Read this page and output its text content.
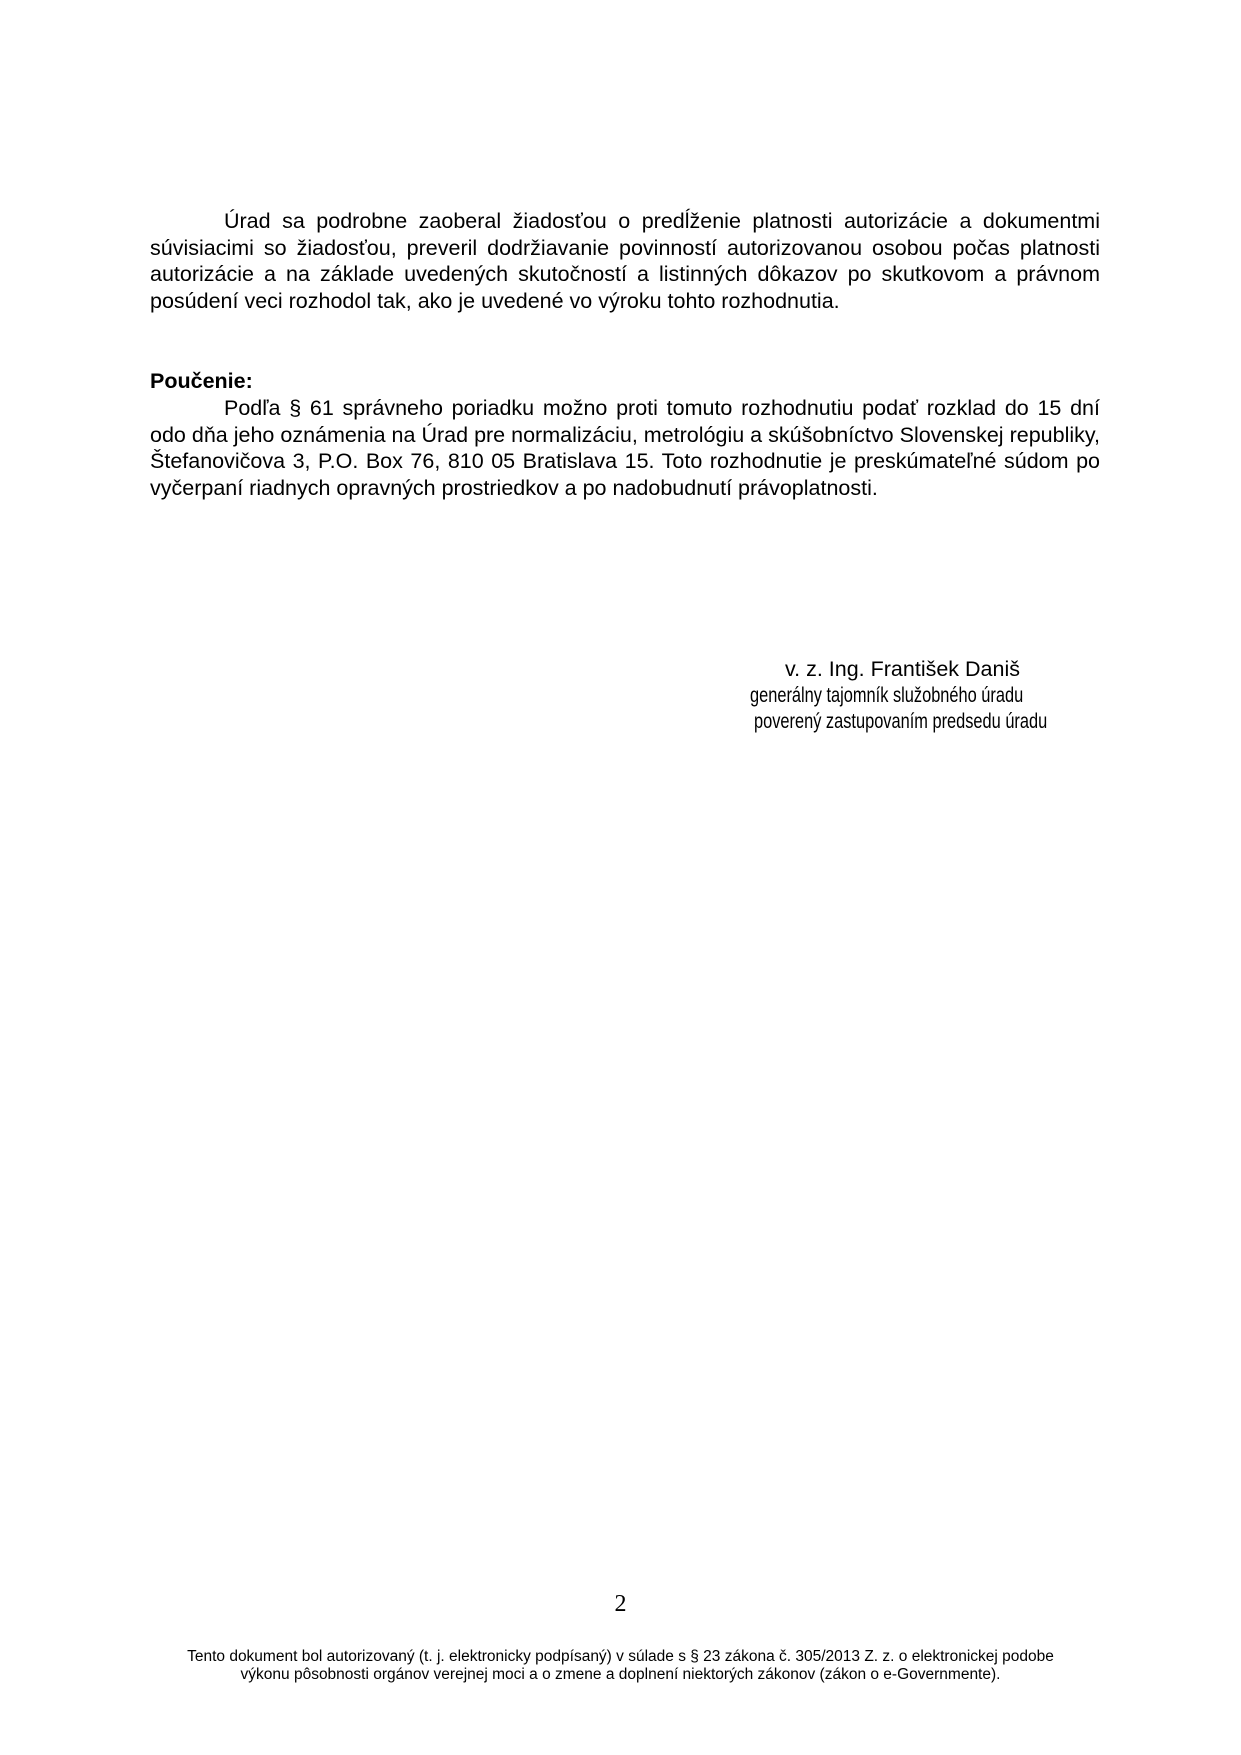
Úrad sa podrobne zaoberal žiadosťou o predĺženie platnosti autorizácie a dokumentmi súvisiacimi so žiadosťou, preveril dodržiavanie povinností autorizovanou osobou počas platnosti autorizácie a na základe uvedených skutočností a listinných dôkazov po skutkovom a právnom posúdení veci rozhodol tak, ako je uvedené vo výroku tohto rozhodnutia.

Poučenie:

Podľa § 61 správneho poriadku možno proti tomuto rozhodnutiu podať rozklad do 15 dní odo dňa jeho oznámenia na Úrad pre normalizáciu, metrológiu a skúšobníctvo Slovenskej republiky, Štefanovičova 3, P.O. Box 76, 810 05 Bratislava 15. Toto rozhodnutie je preskúmateľné súdom po vyčerpaní riadnych opravných prostriedkov a po nadobudnutí právoplatnosti.

v. z. Ing. František Daniš

generálny tajomník služobného úradu

poverený zastupovaním predsedu úradu

2

Tento dokument bol autorizovaný (t. j. elektronicky podpísaný) v súlade s § 23 zákona č. 305/2013 Z. z. o elektronickej podobe
výkonu pôsobnosti orgánov verejnej moci a o zmene a doplnení niektorých zákonov (zákon o e-Governmente).
